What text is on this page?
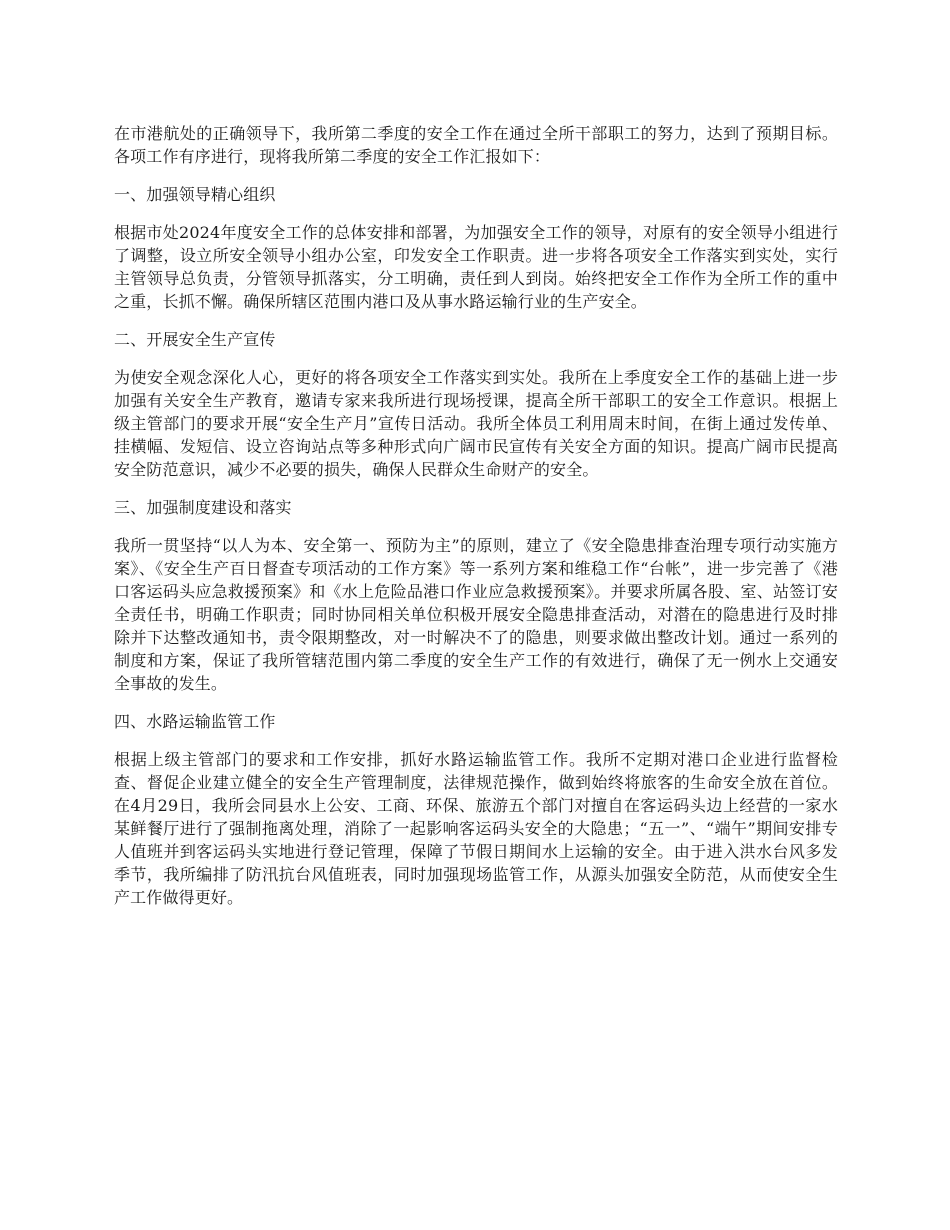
在市港航处的正确领导下，我所第二季度的安全工作在通过全所干部职工的努力，达到了预期目标。各项工作有序进行，现将我所第二季度的安全工作汇报如下：

一、加强领导精心组织

根据市处2024年度安全工作的总体安排和部署，为加强安全工作的领导，对原有的安全领导小组进行了调整，设立所安全领导小组办公室，印发安全工作职责。进一步将各项安全工作落实到实处，实行主管领导总负责，分管领导抓落实，分工明确，责任到人到岗。始终把安全工作作为全所工作的重中之重，长抓不懈。确保所辖区范围内港口及从事水路运输行业的生产安全。

二、开展安全生产宣传

为使安全观念深化人心，更好的将各项安全工作落实到实处。我所在上季度安全工作的基础上进一步加强有关安全生产教育，邀请专家来我所进行现场授课，提高全所干部职工的安全工作意识。根据上级主管部门的要求开展“安全生产月”宣传日活动。我所全体员工利用周末时间，在街上通过发传单、挂横幅、发短信、设立咨询站点等多种形式向广阔市民宣传有关安全方面的知识。提高广阔市民提高安全防范意识，减少不必要的损失，确保人民群众生命财产的安全。

三、加强制度建设和落实

我所一贯坚持“以人为本、安全第一、预防为主”的原则，建立了《安全隐患排查治理专项行动实施方案》、《安全生产百日督查专项活动的工作方案》等一系列方案和维稳工作“台帐”，进一步完善了《港口客运码头应急救援预案》和《水上危险品港口作业应急救援预案》。并要求所属各股、室、站签订安全责任书，明确工作职责；同时协同相关单位积极开展安全隐患排查活动，对潜在的隐患进行及时排除并下达整改通知书，责令限期整改，对一时解决不了的隐患，则要求做出整改计划。通过一系列的制度和方案，保证了我所管辖范围内第二季度的安全生产工作的有效进行，确保了无一例水上交通安全事故的发生。

四、水路运输监管工作

根据上级主管部门的要求和工作安排，抓好水路运输监管工作。我所不定期对港口企业进行监督检查、督促企业建立健全的安全生产管理制度，法律规范操作，做到始终将旅客的生命安全放在首位。在4月29日，我所会同县水上公安、工商、环保、旅游五个部门对擅自在客运码头边上经营的一家水某鲜餐厅进行了强制拖离处理，消除了一起影响客运码头安全的大隐患；“五一”、“端午”期间安排专人值班并到客运码头实地进行登记管理，保障了节假日期间水上运输的安全。由于进入洪水台风多发季节，我所编排了防汛抗台风值班表，同时加强现场监管工作，从源头加强安全防范，从而使安全生产工作做得更好。
